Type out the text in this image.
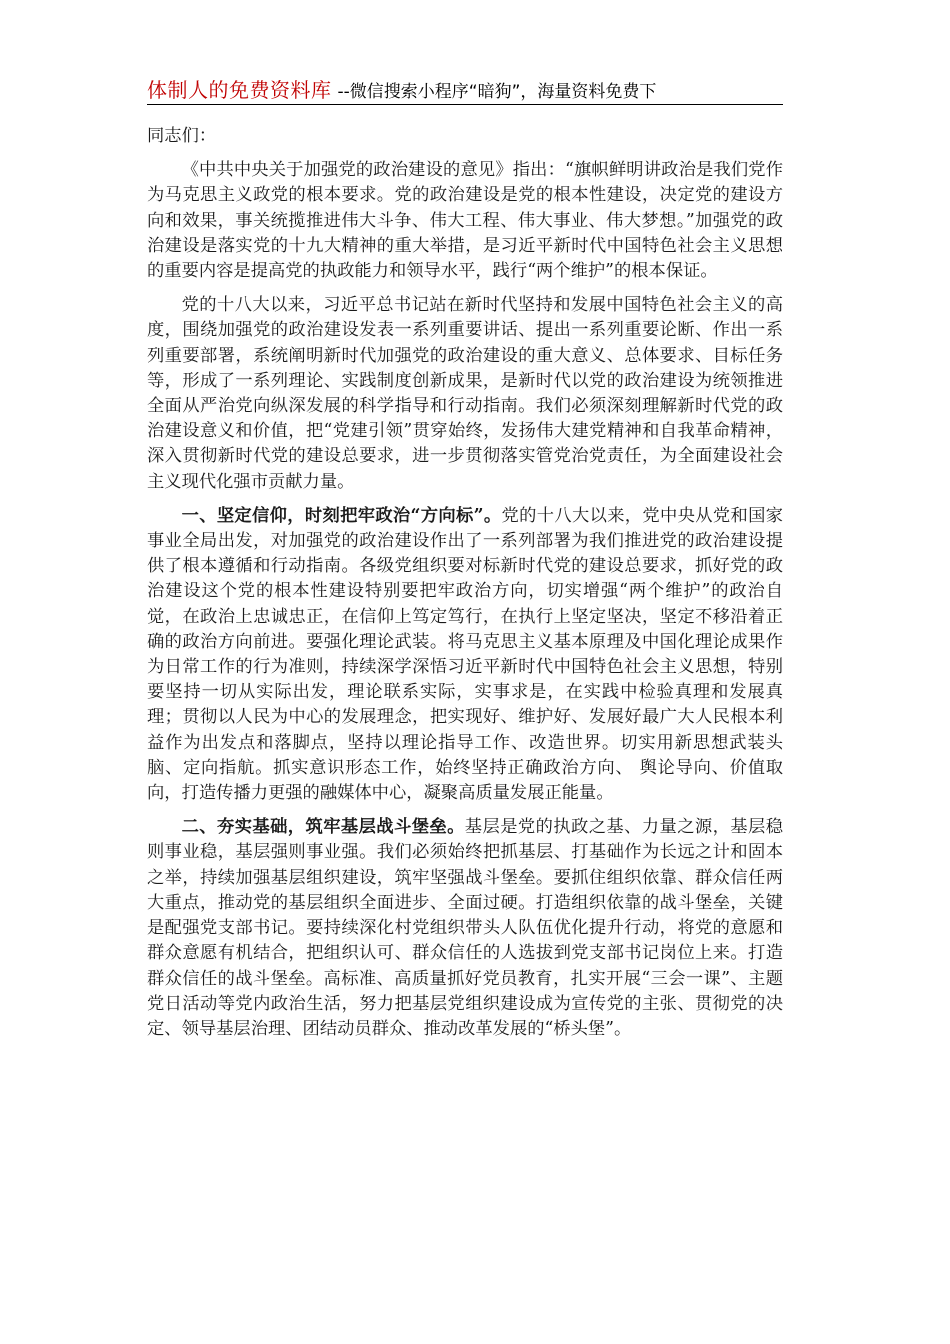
体制人的免费资料库 --微信搜索小程序“暗狗”，海量资料免费下

同志们：

《中共中央关于加强党的政治建设的意见》指出：“旗帜鲜明讲政治是我们党作为马克思主义政党的根本要求。党的政治建设是党的根本性建设，决定党的建设方向和效果，事关统揽推进伟大斗争、伟大工程、伟大事业、伟大梦想。”加强党的政治建设是落实党的十九大精神的重大举措，是习近平新时代中国特色社会主义思想的重要内容是提高党的执政能力和领导水平，践行“两个维护”的根本保证。

党的十八大以来，习近平总书记站在新时代坚持和发展中国特色社会主义的高度，围绕加强党的政治建设发表一系列重要讲话、提出一系列重要论断、作出一系列重要部署，系统阐明新时代加强党的政治建设的重大意义、总体要求、目标任务等，形成了一系列理论、实践制度创新成果，是新时代以党的政治建设为统领推进全面从严治党向纵深发展的科学指导和行动指南。我们必须深刻理解新时代党的政治建设意义和价值，把“党建引领”贯穿始终，发扬伟大建党精神和自我革命精神，深入贯彻新时代党的建设总要求，进一步贯彻落实管党治党责任，为全面建设社会主义现代化强市贡献力量。

一、坚定信仰，时刻把牢政治“方向标”。党的十八大以来，党中央从党和国家事业全局出发，对加强党的政治建设作出了一系列部署为我们推进党的政治建设提供了根本遵循和行动指南。各级党组织要对标新时代党的建设总要求，抓好党的政治建设这个党的根本性建设特别要把牢政治方向，切实增强“两个维护”的政治自觉，在政治上忠诚忠正，在信仰上笃定笃行，在执行上坚定坚决，坚定不移沿着正确的政治方向前进。要强化理论武装。将马克思主义基本原理及中国化理论成果作为日常工作的行为准则，持续深学深悟习近平新时代中国特色社会主义思想，特别要坚持一切从实际出发，理论联系实际，实事求是，在实践中检验真理和发展真理；贯彻以人民为中心的发展理念，把实现好、维护好、发展好最广大人民根本利益作为出发点和落脚点，坚持以理论指导工作、改造世界。切实用新思想武装头脑、定向指航。抓实意识形态工作，始终坚持正确政治方向、 舆论导向、价值取向，打造传播力更强的融媒体中心，凝聚高质量发展正能量。

二、夯实基础，筑牢基层战斗堡垒。基层是党的执政之基、力量之源，基层稳则事业稳，基层强则事业强。我们必须始终把抓基层、打基础作为长远之计和固本之举，持续加强基层组织建设，筑牢坚强战斗堡垒。要抓住组织依靠、群众信任两大重点，推动党的基层组织全面进步、全面过硬。打造组织依靠的战斗堡垒，关键是配强党支部书记。要持续深化村党组织带头人队伍优化提升行动，将党的意愿和群众意愿有机结合，把组织认可、群众信任的人选拔到党支部书记岗位上来。打造群众信任的战斗堡垒。高标准、高质量抓好党员教育，扎实开展“三会一课”、主题党日活动等党内政治生活，努力把基层党组织建设成为宣传党的主张、贯彻党的决定、领导基层治理、团结动员群众、推动改革发展的“桥头堡”。
